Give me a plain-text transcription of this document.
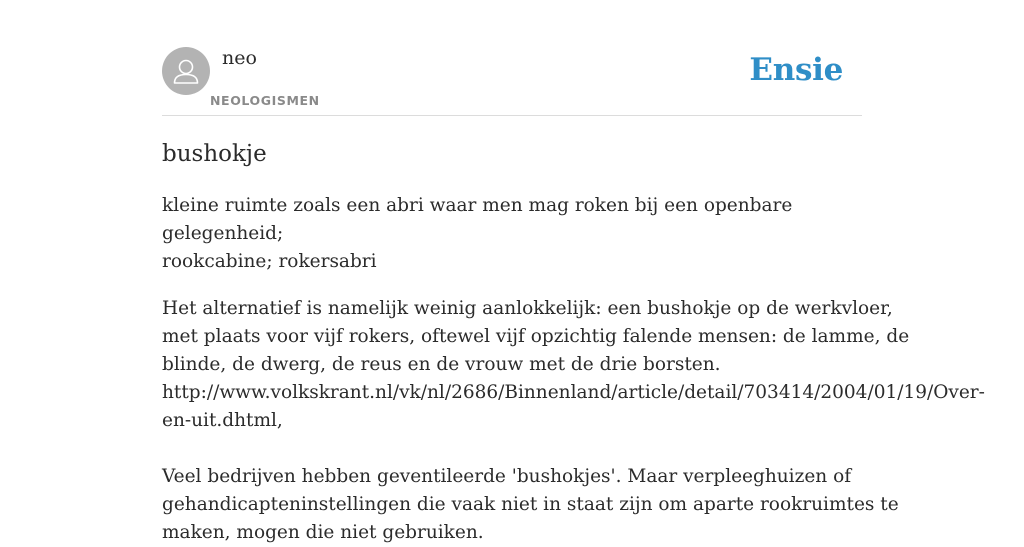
neo
NEOLOGISMEN
Ensie
bushokje
kleine ruimte zoals een abri waar men mag roken bij een openbare gelegenheid;
rookcabine; rokersabri
Het alternatief is namelijk weinig aanlokkelijk: een bushokje op de werkvloer,
met plaats voor vijf rokers, oftewel vijf opzichtig falende mensen: de lamme, de
blinde, de dwerg, de reus en de vrouw met de drie borsten.
http://www.volkskrant.nl/vk/nl/2686/Binnenland/article/detail/703414/2004/01/19/Over-
en-uit.dhtml,
Veel bedrijven hebben geventileerde 'bushokjes'. Maar verpleeghuizen of
gehandicapteninstellingen die vaak niet in staat zijn om aparte rookruimtes te
maken, mogen die niet gebruiken.
